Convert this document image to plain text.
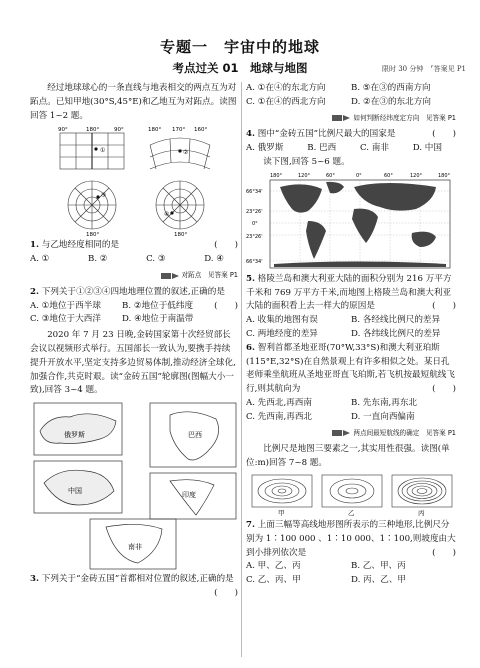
专题一　宇宙中的地球
考点过关 01　地球与地图	限时 30 分钟　⌜答案见 P1

经过地球球心的一条直线与地表相交的两点互为对跖点。已知甲地(30°S,45°E)和乙地互为对跖点。读图回答 1~2 题。

①
90°	180°	90°
②
180° 170° 160°
③
180°
④
180°

1. 与乙地经度相同的是	(　　)

A. ①	B. ②	C. ③	D. ④
对跖点　见答案 P1

2. 下列关于①②③④四地地理位置的叙述,正确的是
(　　)

A. ①地位于西半球	B. ②地位于低纬度
C. ③地位于大西洋	D. ④地位于南温带

2020 年 7 月 23 日晚,金砖国家第十次经贸部长会议以视频形式举行。五国部长一致认为,要携手持续提升开放水平,坚定支持多边贸易体制,推动经济全球化,加强合作,共克时艰。读“金砖五国”轮廓图(图幅大小一致),回答 3~4 题。

俄罗斯	巴西
中国
南非
印度

3. 下列关于“金砖五国”首都相对位置的叙述,正确的是
(　　)

A. ①在④的东北方向	B. ⑤在③的西南方向
C. ①在④的西北方向	D. ②在③的东北方向
如何判断经纬度定方向　见答案 P1

4. 图中“金砖五国”比例尺最大的国家是	(　　)

A. 俄罗斯	B. 巴西	C. 南非	D. 中国

读下图,回答 5~6 题。

180°	120°	60°	0°	60°	120°	180°
66°34'
23°26'
0°
23°26'
66°34'

5. 格陵兰岛和澳大利亚大陆的面积分别为 216 万平方千米和 769 万平方千米,而地图上格陵兰岛和澳大利亚大陆的面积看上去一样大的原因是	(　　)

A. 收集的地图有误	B. 各经线比例尺的差异
C. 两地经度的差异	D. 各纬线比例尺的差异

6. 智利首都圣地亚哥(70°W,33°S)和澳大利亚珀斯(115°E,32°S)在自然景观上有许多相似之处。某日孔老师乘坐航班从圣地亚哥直飞珀斯,若飞机按最短航线飞行,则其航向为	(　　)

A. 先西北,再西南	B. 先东南,再东北
C. 先西南,再西北	D. 一直向西偏南
两点间最短航线的确定　见答案 P1

比例尺是地图三要素之一,其实用性很强。读图(单位:m)回答 7~8 题。

甲	乙	丙

7. 上面三幅等高线地形图所表示的三种地形,比例尺分别为 1∶100 000 、1∶10 000、1∶100,则坡度由大到小排列依次是	(　　)

A. 甲、乙、丙	B. 乙、甲、丙
C. 乙、丙、甲	D. 丙、乙、甲
